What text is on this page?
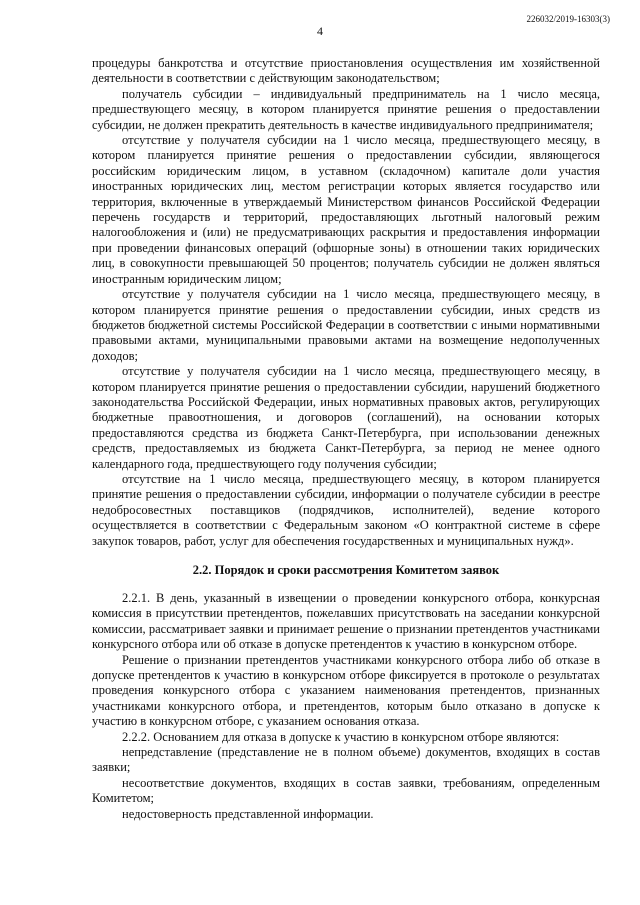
4
226032/2019-16303(3)

процедуры банкротства и отсутствие приостановления осуществления им хозяйственной деятельности в соответствии с действующим законодательством;

получатель субсидии – индивидуальный предприниматель на 1 число месяца, предшествующего месяцу, в котором планируется принятие решения о предоставлении субсидии, не должен прекратить деятельность в качестве индивидуального предпринимателя;

отсутствие у получателя субсидии на 1 число месяца, предшествующего месяцу, в котором планируется принятие решения о предоставлении субсидии, являющегося российским юридическим лицом, в уставном (складочном) капитале доли участия иностранных юридических лиц, местом регистрации которых является государство или территория, включенные в утверждаемый Министерством финансов Российской Федерации перечень государств и территорий, предоставляющих льготный налоговый режим налогообложения и (или) не предусматривающих раскрытия и предоставления информации при проведении финансовых операций (офшорные зоны) в отношении таких юридических лиц, в совокупности превышающей 50 процентов; получатель субсидии не должен являться иностранным юридическим лицом;

отсутствие у получателя субсидии на 1 число месяца, предшествующего месяцу, в котором планируется принятие решения о предоставлении субсидии, иных средств из бюджетов бюджетной системы Российской Федерации в соответствии с иными нормативными правовыми актами, муниципальными правовыми актами на возмещение недополученных доходов;

отсутствие у получателя субсидии на 1 число месяца, предшествующего месяцу, в котором планируется принятие решения о предоставлении субсидии, нарушений бюджетного законодательства Российской Федерации, иных нормативных правовых актов, регулирующих бюджетные правоотношения, и договоров (соглашений), на основании которых предоставляются средства из бюджета Санкт-Петербурга, при использовании денежных средств, предоставляемых из бюджета Санкт-Петербурга, за период не менее одного календарного года, предшествующего году получения субсидии;

отсутствие на 1 число месяца, предшествующего месяцу, в котором планируется принятие решения о предоставлении субсидии, информации о получателе субсидии в реестре недобросовестных поставщиков (подрядчиков, исполнителей), ведение которого осуществляется в соответствии с Федеральным законом «О контрактной системе в сфере закупок товаров, работ, услуг для обеспечения государственных и муниципальных нужд».

2.2. Порядок и сроки рассмотрения Комитетом заявок

2.2.1. В день, указанный в извещении о проведении конкурсного отбора, конкурсная комиссия в присутствии претендентов, пожелавших присутствовать на заседании конкурсной комиссии, рассматривает заявки и принимает решение о признании претендентов участниками конкурсного отбора или об отказе в допуске претендентов к участию в конкурсном отборе.

Решение о признании претендентов участниками конкурсного отбора либо об отказе в допуске претендентов к участию в конкурсном отборе фиксируется в протоколе о результатах проведения конкурсного отбора с указанием наименования претендентов, признанных участниками конкурсного отбора, и претендентов, которым было отказано в допуске к участию в конкурсном отборе, с указанием основания отказа.

2.2.2. Основанием для отказа в допуске к участию в конкурсном отборе являются:

непредставление (представление не в полном объеме) документов, входящих в состав заявки;

несоответствие документов, входящих в состав заявки, требованиям, определенным Комитетом;

недостоверность представленной информации.
